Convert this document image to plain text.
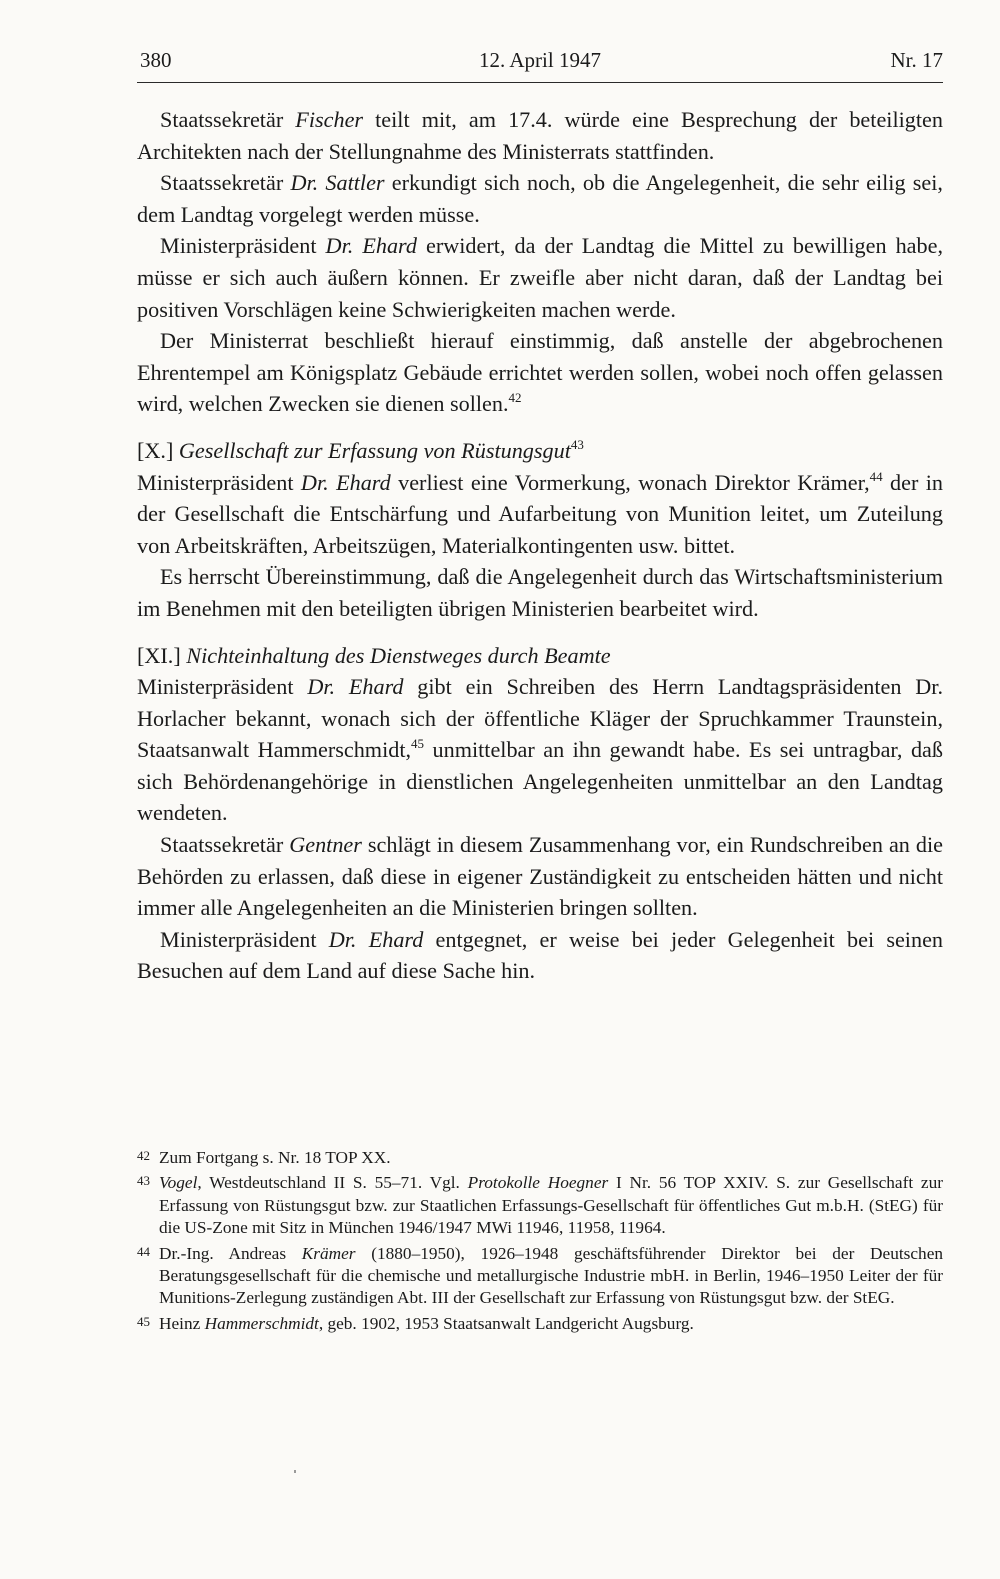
380	12. April 1947	Nr. 17

Staatssekretär Fischer teilt mit, am 17.4. würde eine Besprechung der beteiligten Architekten nach der Stellungnahme des Ministerrats stattfinden.

Staatssekretär Dr. Sattler erkundigt sich noch, ob die Angelegenheit, die sehr eilig sei, dem Landtag vorgelegt werden müsse.

Ministerpräsident Dr. Ehard erwidert, da der Landtag die Mittel zu bewilligen habe, müsse er sich auch äußern können. Er zweifle aber nicht daran, daß der Landtag bei positiven Vorschlägen keine Schwierigkeiten machen werde.

Der Ministerrat beschließt hierauf einstimmig, daß anstelle der abgebrochenen Ehrentempel am Königsplatz Gebäude errichtet werden sollen, wobei noch offen gelassen wird, welchen Zwecken sie dienen sollen.$^{42}$

[X.] Gesellschaft zur Erfassung von Rüstungsgut$^{43}$

Ministerpräsident Dr. Ehard verliest eine Vormerkung, wonach Direktor Krämer,$^{44}$ der in der Gesellschaft die Entschärfung und Aufarbeitung von Munition leitet, um Zuteilung von Arbeitskräften, Arbeitszügen, Materialkontingenten usw. bittet.

Es herrscht Übereinstimmung, daß die Angelegenheit durch das Wirtschaftsministerium im Benehmen mit den beteiligten übrigen Ministerien bearbeitet wird.

[XI.] Nichteinhaltung des Dienstweges durch Beamte

Ministerpräsident Dr. Ehard gibt ein Schreiben des Herrn Landtagspräsidenten Dr. Horlacher bekannt, wonach sich der öffentliche Kläger der Spruchkammer Traunstein, Staatsanwalt Hammerschmidt,$^{45}$ unmittelbar an ihn gewandt habe. Es sei untragbar, daß sich Behördenangehörige in dienstlichen Angelegenheiten unmittelbar an den Landtag wendeten.

Staatssekretär Gentner schlägt in diesem Zusammenhang vor, ein Rundschreiben an die Behörden zu erlassen, daß diese in eigener Zuständigkeit zu entscheiden hätten und nicht immer alle Angelegenheiten an die Ministerien bringen sollten.

Ministerpräsident Dr. Ehard entgegnet, er weise bei jeder Gelegenheit bei seinen Besuchen auf dem Land auf diese Sache hin.

42 Zum Fortgang s. Nr. 18 TOP XX.
43 Vogel, Westdeutschland II S. 55–71. Vgl. Protokolle Hoegner I Nr. 56 TOP XXIV. S. zur Gesellschaft zur Erfassung von Rüstungsgut bzw. zur Staatlichen Erfassungs-Gesellschaft für öffentliches Gut m.b.H. (StEG) für die US-Zone mit Sitz in München 1946/1947 MWi 11946, 11958, 11964.
44 Dr.-Ing. Andreas Krämer (1880–1950), 1926–1948 geschäftsführender Direktor bei der Deutschen Beratungsgesellschaft für die chemische und metallurgische Industrie mbH. in Berlin, 1946–1950 Leiter der für Munitions-Zerlegung zuständigen Abt. III der Gesellschaft zur Erfassung von Rüstungsgut bzw. der StEG.
45 Heinz Hammerschmidt, geb. 1902, 1953 Staatsanwalt Landgericht Augsburg.
